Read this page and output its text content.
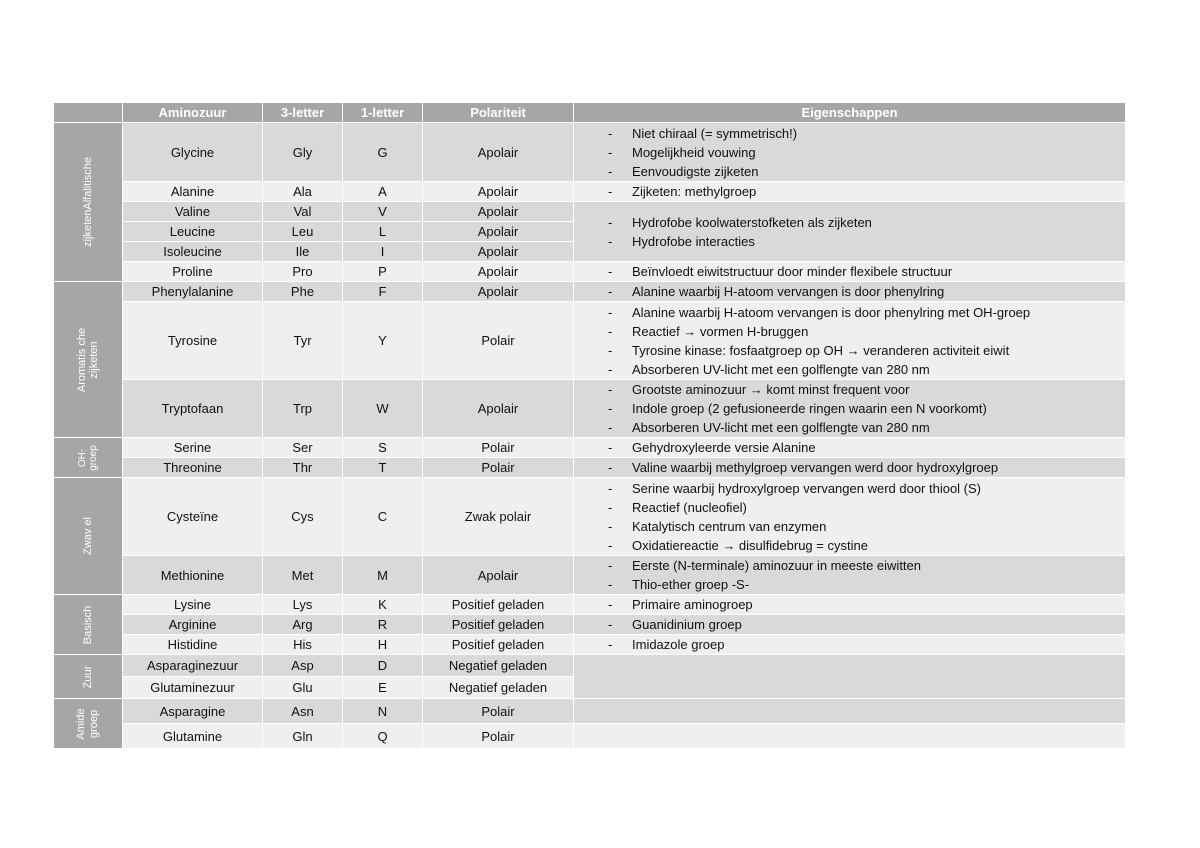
	Aminozuur	3-letter	1-letter	Polariteit	Eigenschappen

zijketenAlfalitische	Glycine	Gly	G	Apolair	- Niet chiraal (= symmetrisch!)
- Mogelijkheid vouwing
- Eenvoudigste zijketen

	Alanine	Ala	A	Apolair	- Zijketen: methylgroep

	Valine	Val	V	Apolair	- Hydrofobe koolwaterstofketen als zijketen
- Hydrofobe interacties

	Leucine	Leu	L	Apolair	
	Isoleucine	Ile	I	Apolair	
	Proline	Pro	P	Apolair	- Beïnvloedt eiwitstructuur door minder flexibele structuur

Aromatis che
zijketen	Phenylalanine	Phe	F	Apolair	- Alanine waarbij H-atoom vervangen is door phenylring

	Tyrosine	Tyr	Y	Polair	- Alanine waarbij H-atoom vervangen is door phenylring met OH-groep
- Reactief → vormen H-bruggen
- Tyrosine kinase: fosfaatgroep op OH → veranderen activiteit eiwit
- Absorberen UV-licht met een golflengte van 280 nm

	Tryptofaan	Trp	W	Apolair	- Grootste aminozuur → komt minst frequent voor
- Indole groep (2 gefusioneerde ringen waarin een N voorkomt)
- Absorberen UV-licht met een golflengte van 280 nm

OH-groep	Serine	Ser	S	Polair	- Gehydroxyleerde versie Alanine

	Threonine	Thr	T	Polair	- Valine waarbij methylgroep vervangen werd door hydroxylgroep

Zwav el	Cysteïne	Cys	C	Zwak polair	- Serine waarbij hydroxylgroep vervangen werd door thiool (S)
- Reactief (nucleofiel)
- Katalytisch centrum van enzymen
- Oxidatiereactie → disulfidebrug = cystine

	Methionine	Met	M	Apolair	- Eerste (N-terminale) aminozuur in meeste eiwitten
- Thio-ether groep -S-

Basisch	Lysine	Lys	K	Positief geladen	- Primaire aminogroep

	Arginine	Arg	R	Positief geladen	- Guanidinium groep

	Histidine	His	H	Positief geladen	- Imidazole groep

Zuur	Asparaginezuur	Asp	D	Negatief geladen	
	Glutaminezuur	Glu	E	Negatief geladen	

Amide groep	Asparagine	Asn	N	Polair	
	Glutamine	Gln	Q	Polair	
